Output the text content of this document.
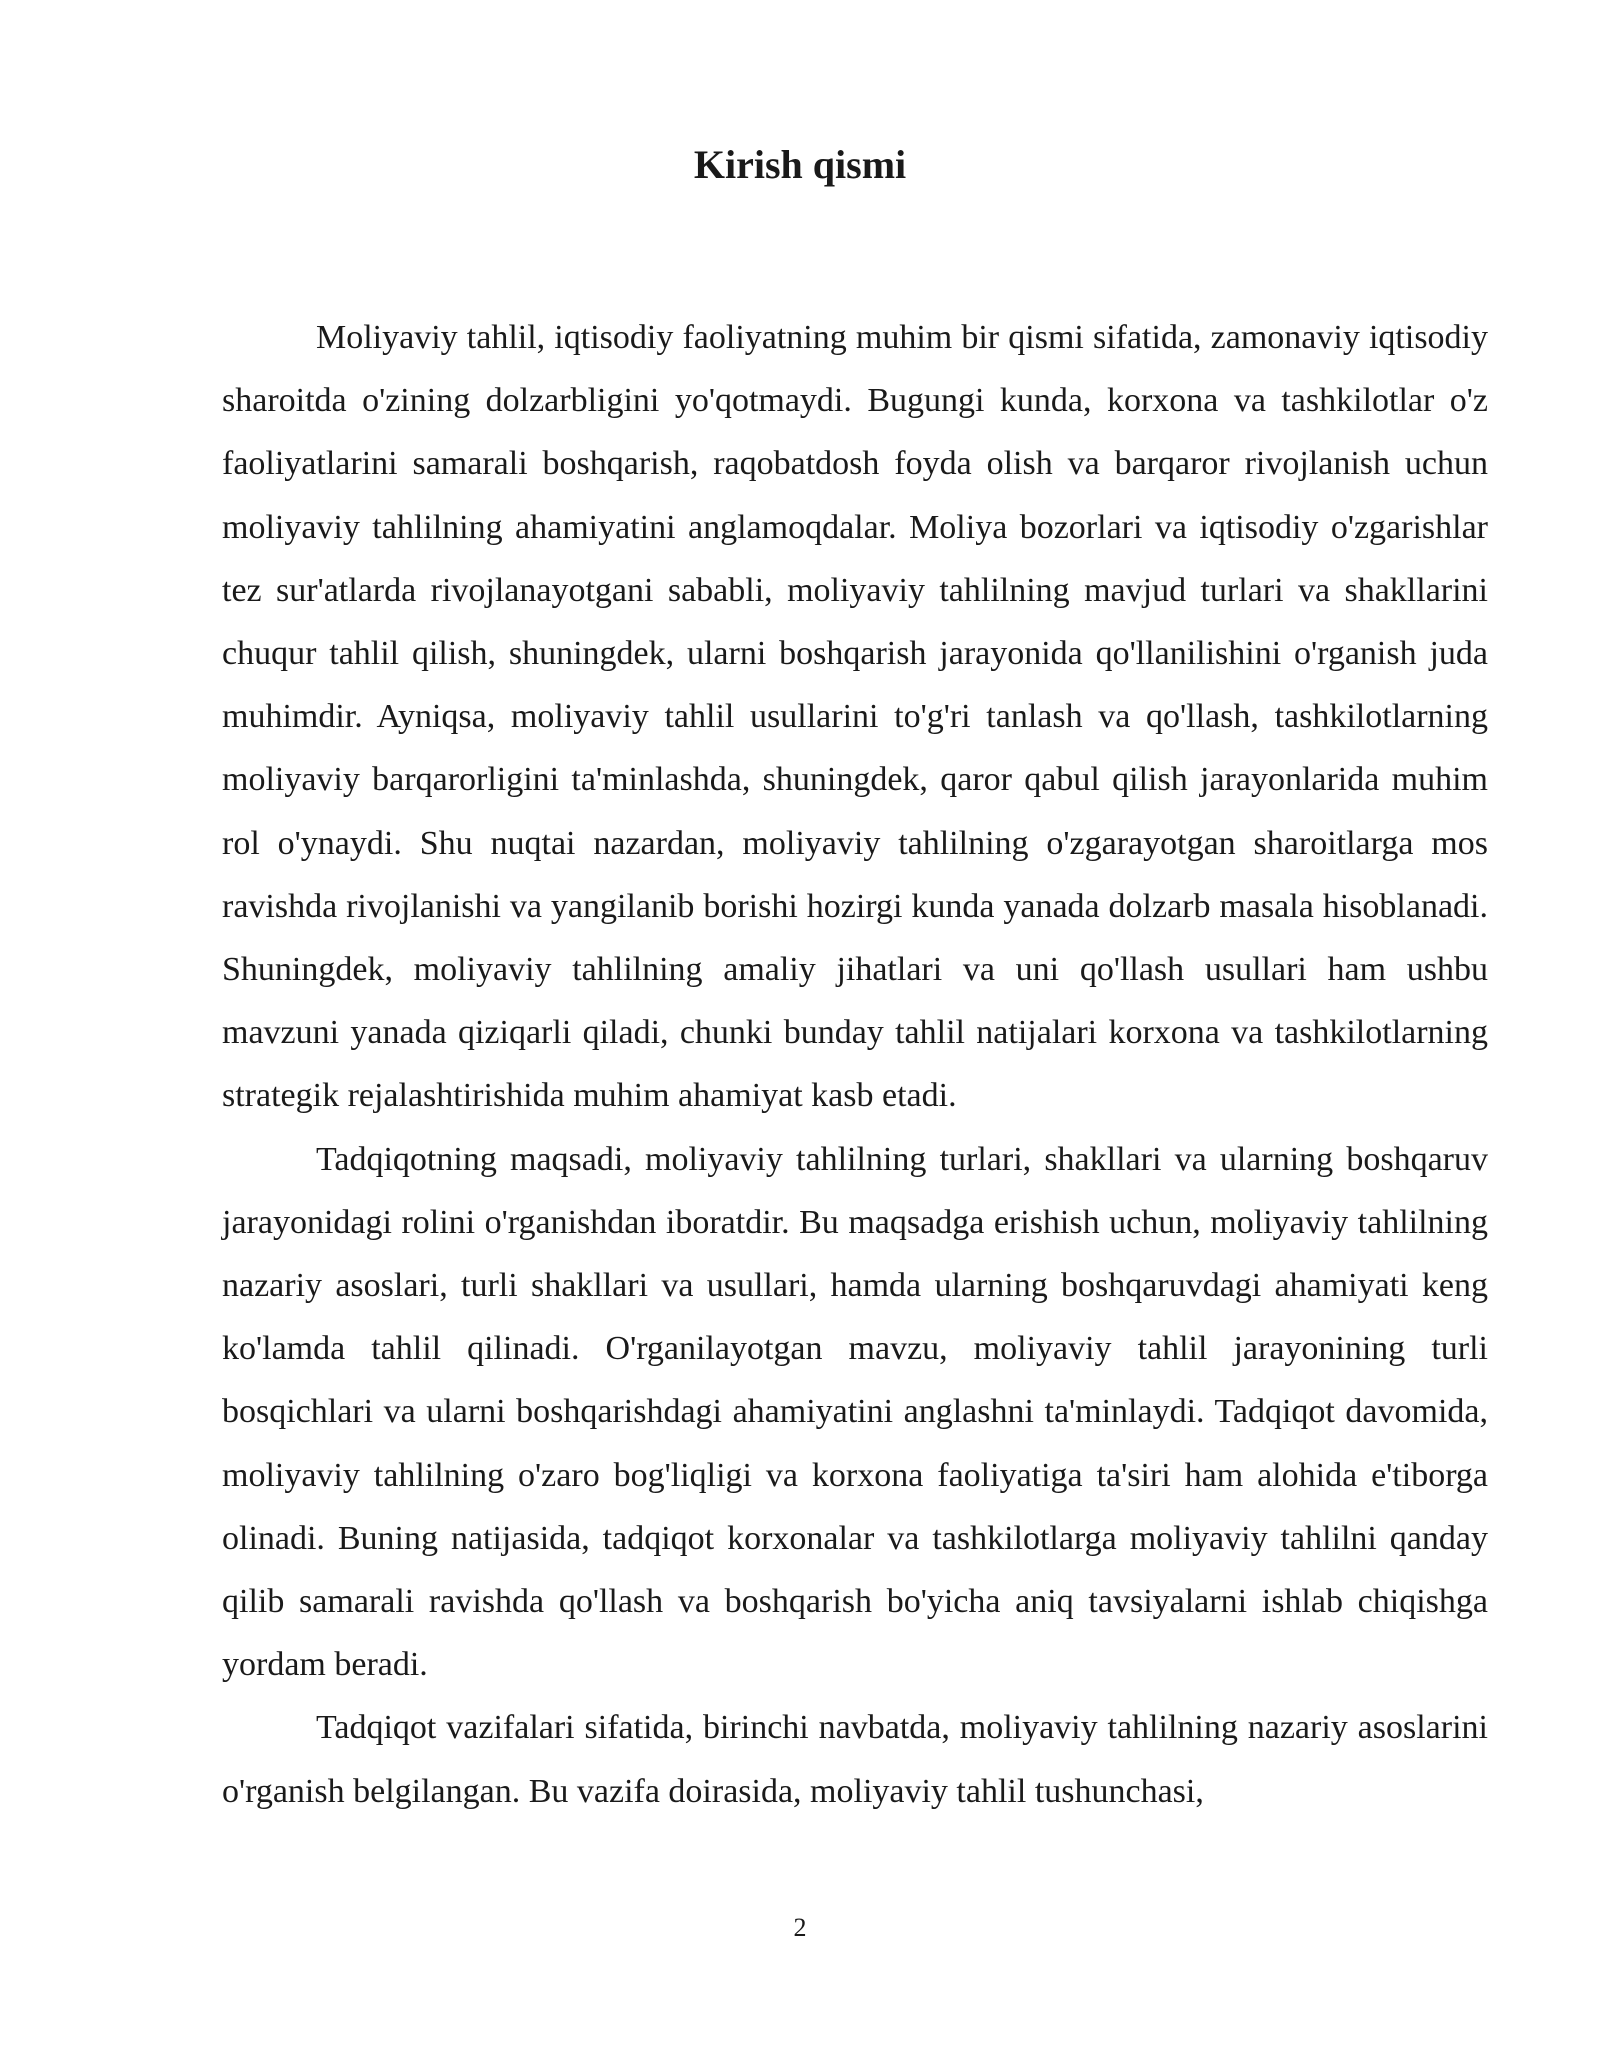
Kirish qismi

Moliyaviy tahlil, iqtisodiy faoliyatning muhim bir qismi sifatida, zamonaviy iqtisodiy sharoitda o'zining dolzarbligini yo'qotmaydi. Bugungi kunda, korxona va tashkilotlar o'z faoliyatlarini samarali boshqarish, raqobatdosh foyda olish va barqaror rivojlanish uchun moliyaviy tahlilning ahamiyatini anglamoqdalar. Moliya bozorlari va iqtisodiy o'zgarishlar tez sur'atlarda rivojlanayotgani sababli, moliyaviy tahlilning mavjud turlari va shakllarini chuqur tahlil qilish, shuningdek, ularni boshqarish jarayonida qo'llanilishini o'rganish juda muhimdir. Ayniqsa, moliyaviy tahlil usullarini to'g'ri tanlash va qo'llash, tashkilotlarning moliyaviy barqarorligini ta'minlashda, shuningdek, qaror qabul qilish jarayonlarida muhim rol o'ynaydi. Shu nuqtai nazardan, moliyaviy tahlilning o'zgarayotgan sharoitlarga mos ravishda rivojlanishi va yangilanib borishi hozirgi kunda yanada dolzarb masala hisoblanadi. Shuningdek, moliyaviy tahlilning amaliy jihatlari va uni qo'llash usullari ham ushbu mavzuni yanada qiziqarli qiladi, chunki bunday tahlil natijalari korxona va tashkilotlarning strategik rejalashtirishida muhim ahamiyat kasb etadi.

Tadqiqotning maqsadi, moliyaviy tahlilning turlari, shakllari va ularning boshqaruv jarayonidagi rolini o'rganishdan iboratdir. Bu maqsadga erishish uchun, moliyaviy tahlilning nazariy asoslari, turli shakllari va usullari, hamda ularning boshqaruvdagi ahamiyati keng ko'lamda tahlil qilinadi. O'rganilayotgan mavzu, moliyaviy tahlil jarayonining turli bosqichlari va ularni boshqarishdagi ahamiyatini anglashni ta'minlaydi. Tadqiqot davomida, moliyaviy tahlilning o'zaro bog'liqligi va korxona faoliyatiga ta'siri ham alohida e'tiborga olinadi. Buning natijasida, tadqiqot korxonalar va tashkilotlarga moliyaviy tahlilni qanday qilib samarali ravishda qo'llash va boshqarish bo'yicha aniq tavsiyalarni ishlab chiqishga yordam beradi.

Tadqiqot vazifalari sifatida, birinchi navbatda, moliyaviy tahlilning nazariy asoslarini o'rganish belgilangan. Bu vazifa doirasida, moliyaviy tahlil tushunchasi,

2
